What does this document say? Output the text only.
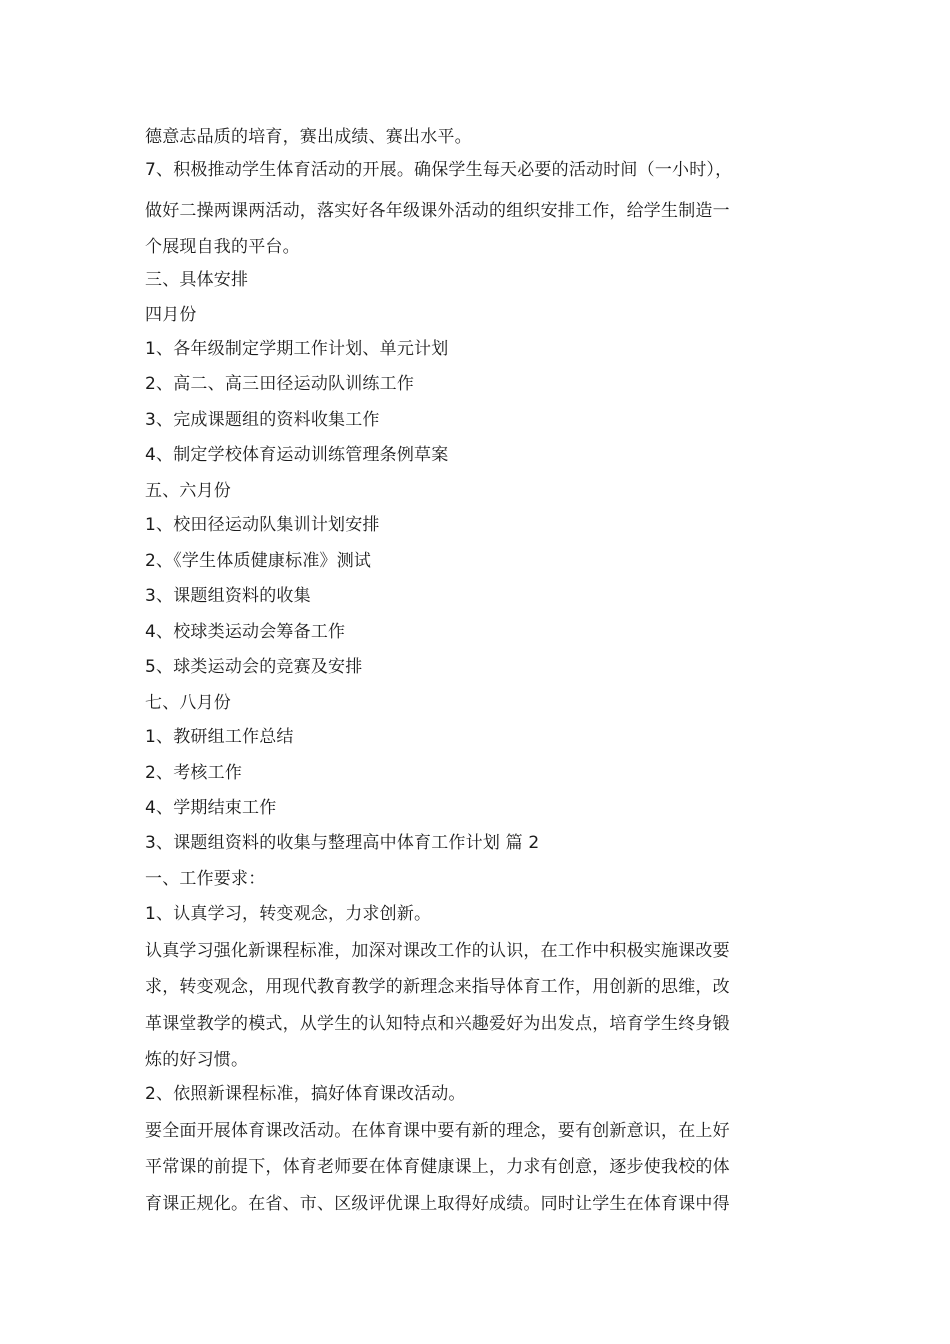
德意志品质的培育，赛出成绩、赛出水平。
7、积极推动学生体育活动的开展。确保学生每天必要的活动时间（一小时），
做好二操两课两活动，落实好各年级课外活动的组织安排工作，给学生制造一
个展现自我的平台。
三、具体安排
四月份
1、各年级制定学期工作计划、单元计划
2、高二、高三田径运动队训练工作
3、完成课题组的资料收集工作
4、制定学校体育运动训练管理条例草案
五、六月份
1、校田径运动队集训计划安排
2、《学生体质健康标准》测试
3、课题组资料的收集
4、校球类运动会筹备工作
5、球类运动会的竞赛及安排
七、八月份
1、教研组工作总结
2、考核工作
4、学期结束工作
3、课题组资料的收集与整理高中体育工作计划 篇 2
一、工作要求：
1、认真学习，转变观念，力求创新。
认真学习强化新课程标准，加深对课改工作的认识，在工作中积极实施课改要
求，转变观念，用现代教育教学的新理念来指导体育工作，用创新的思维，改
革课堂教学的模式，从学生的认知特点和兴趣爱好为出发点，培育学生终身锻
炼的好习惯。
2、依照新课程标准，搞好体育课改活动。
要全面开展体育课改活动。在体育课中要有新的理念，要有创新意识，在上好
平常课的前提下，体育老师要在体育健康课上，力求有创意，逐步使我校的体
育课正规化。在省、市、区级评优课上取得好成绩。同时让学生在体育课中得
